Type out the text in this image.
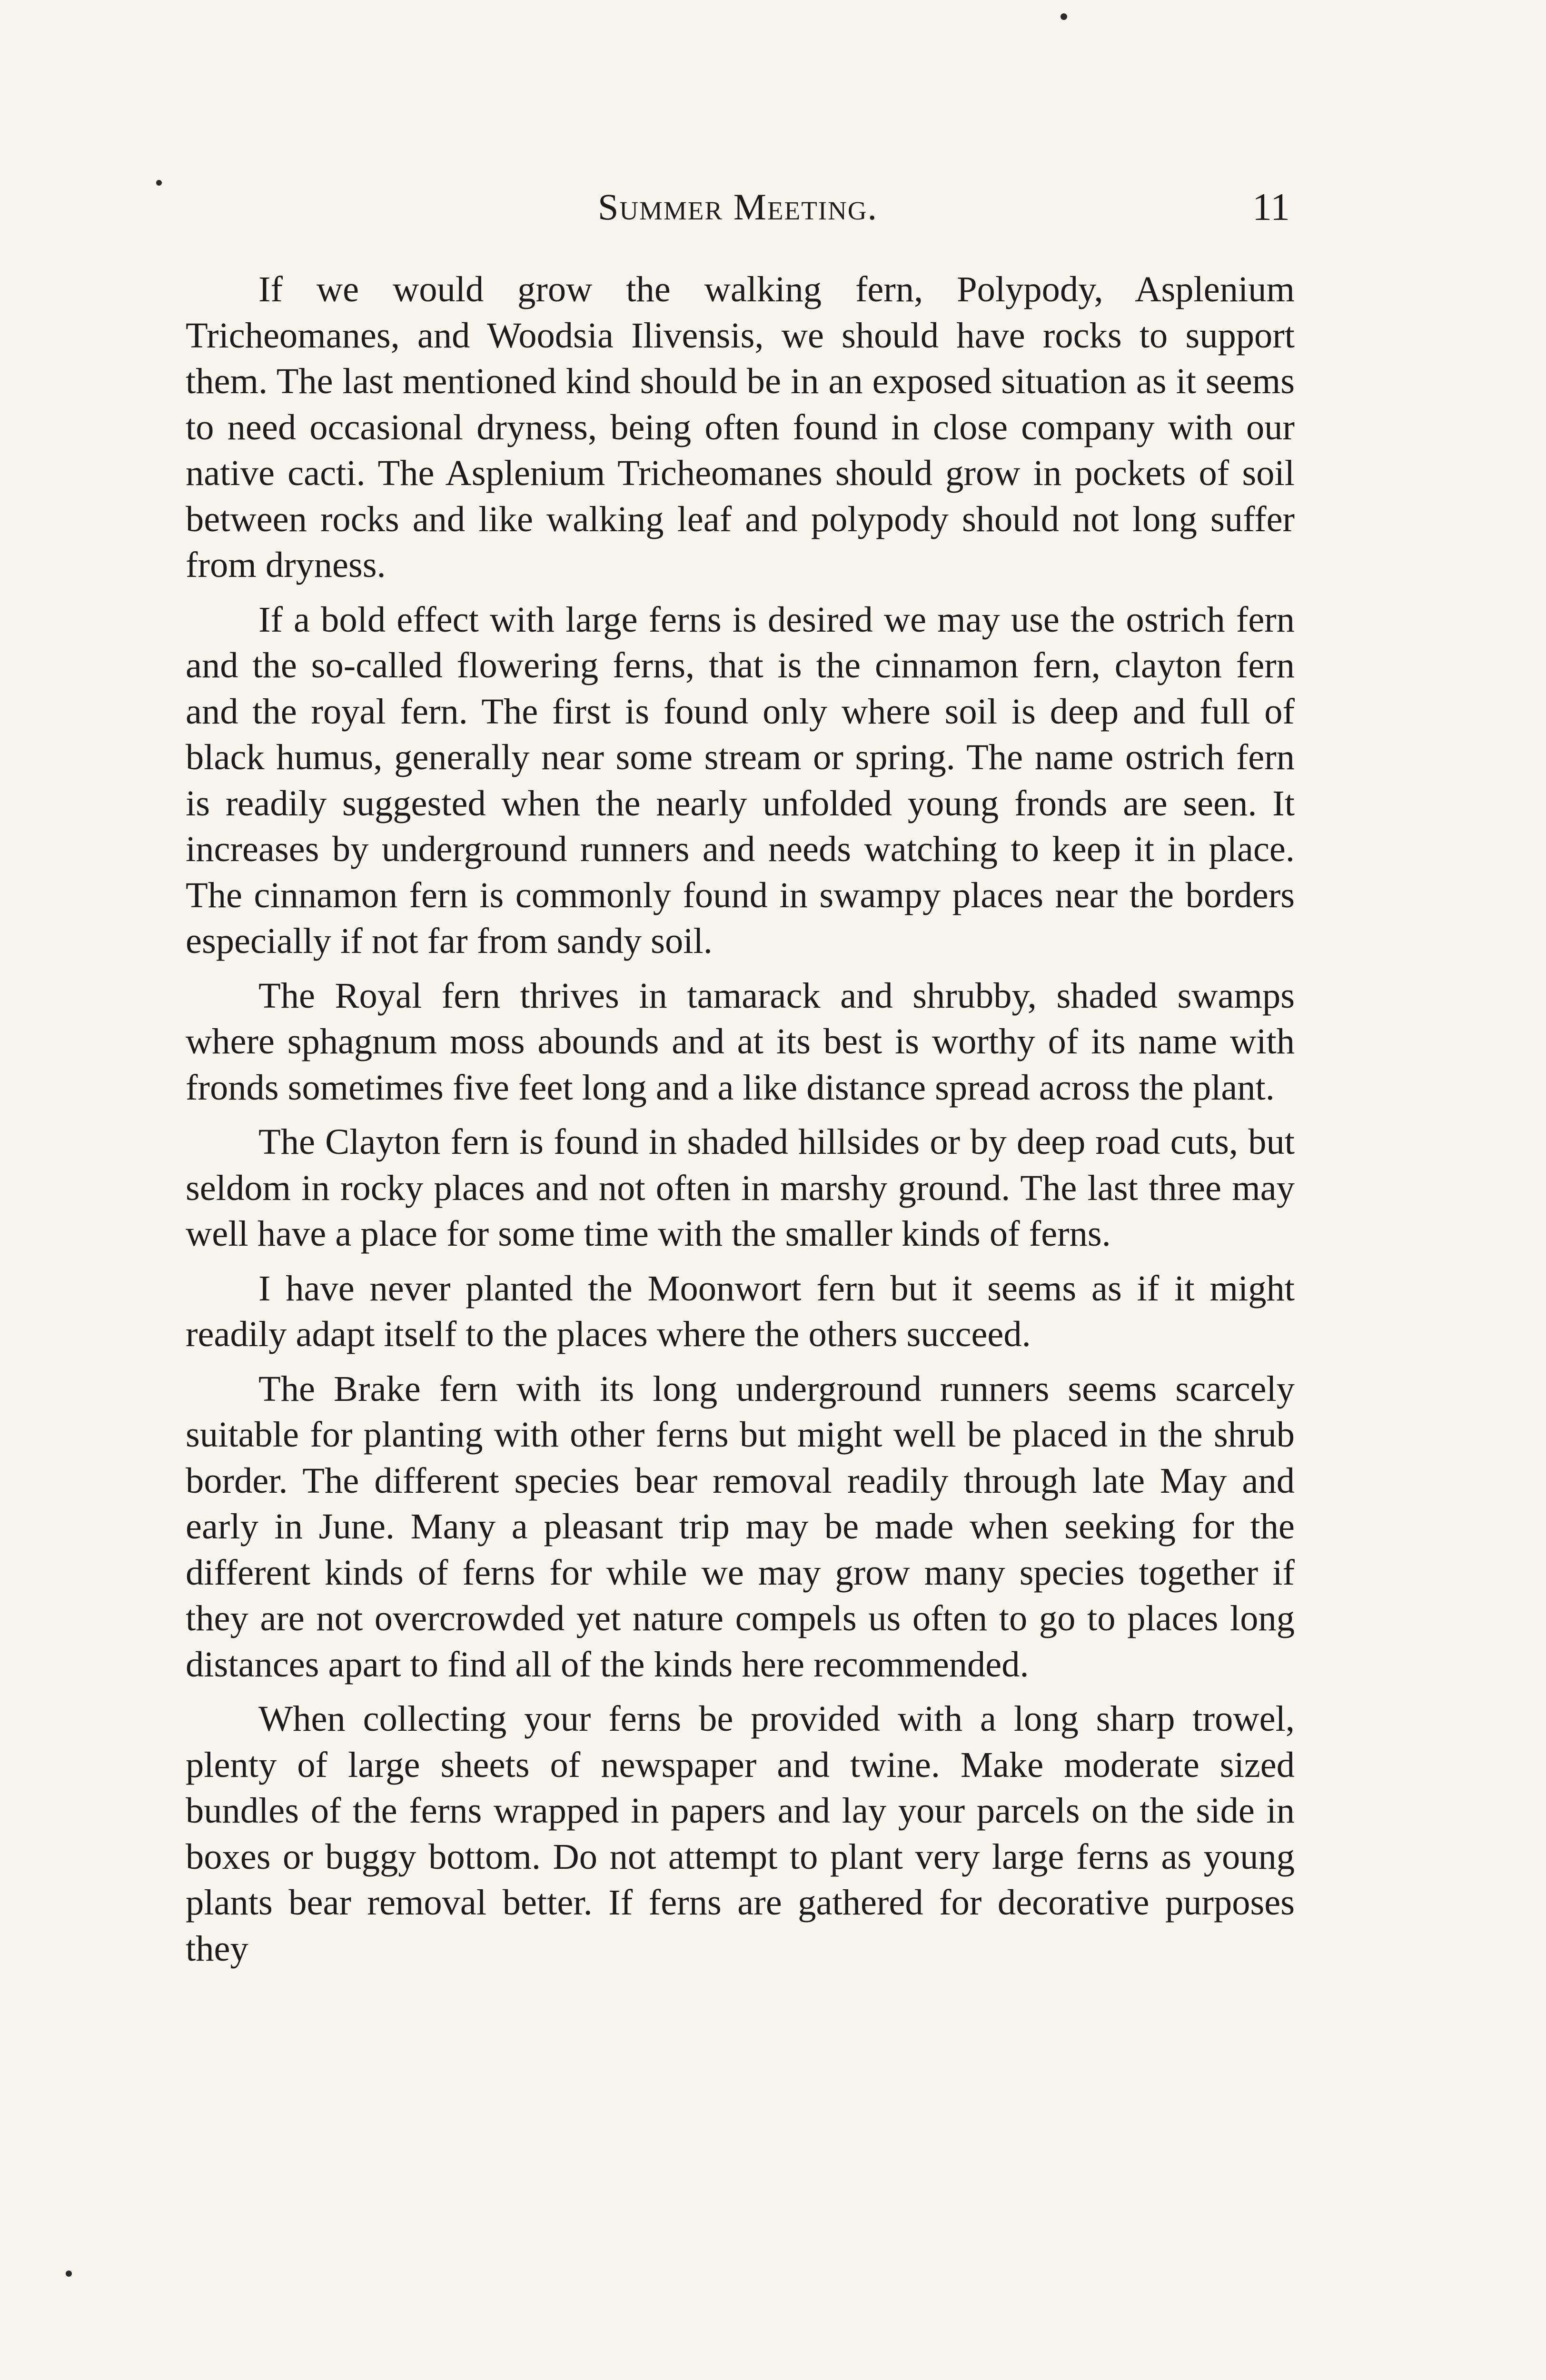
Summer Meeting.	11

If we would grow the walking fern, Polypody, Asplenium Tricheomanes, and Woodsia Ilivensis, we should have rocks to support them. The last mentioned kind should be in an exposed situation as it seems to need occasional dryness, being often found in close company with our native cacti. The Asplenium Tricheomanes should grow in pockets of soil between rocks and like walking leaf and polypody should not long suffer from dryness.

If a bold effect with large ferns is desired we may use the ostrich fern and the so-called flowering ferns, that is the cinnamon fern, clayton fern and the royal fern. The first is found only where soil is deep and full of black humus, generally near some stream or spring. The name ostrich fern is readily suggested when the nearly unfolded young fronds are seen. It increases by underground runners and needs watching to keep it in place. The cinnamon fern is commonly found in swampy places near the borders especially if not far from sandy soil.

The Royal fern thrives in tamarack and shrubby, shaded swamps where sphagnum moss abounds and at its best is worthy of its name with fronds sometimes five feet long and a like distance spread across the plant.

The Clayton fern is found in shaded hillsides or by deep road cuts, but seldom in rocky places and not often in marshy ground. The last three may well have a place for some time with the smaller kinds of ferns.

I have never planted the Moonwort fern but it seems as if it might readily adapt itself to the places where the others succeed.

The Brake fern with its long underground runners seems scarcely suitable for planting with other ferns but might well be placed in the shrub border. The different species bear removal readily through late May and early in June. Many a pleasant trip may be made when seeking for the different kinds of ferns for while we may grow many species together if they are not overcrowded yet nature compels us often to go to places long distances apart to find all of the kinds here recommended.

When collecting your ferns be provided with a long sharp trowel, plenty of large sheets of newspaper and twine. Make moderate sized bundles of the ferns wrapped in papers and lay your parcels on the side in boxes or buggy bottom. Do not attempt to plant very large ferns as young plants bear removal better. If ferns are gathered for decorative purposes they
